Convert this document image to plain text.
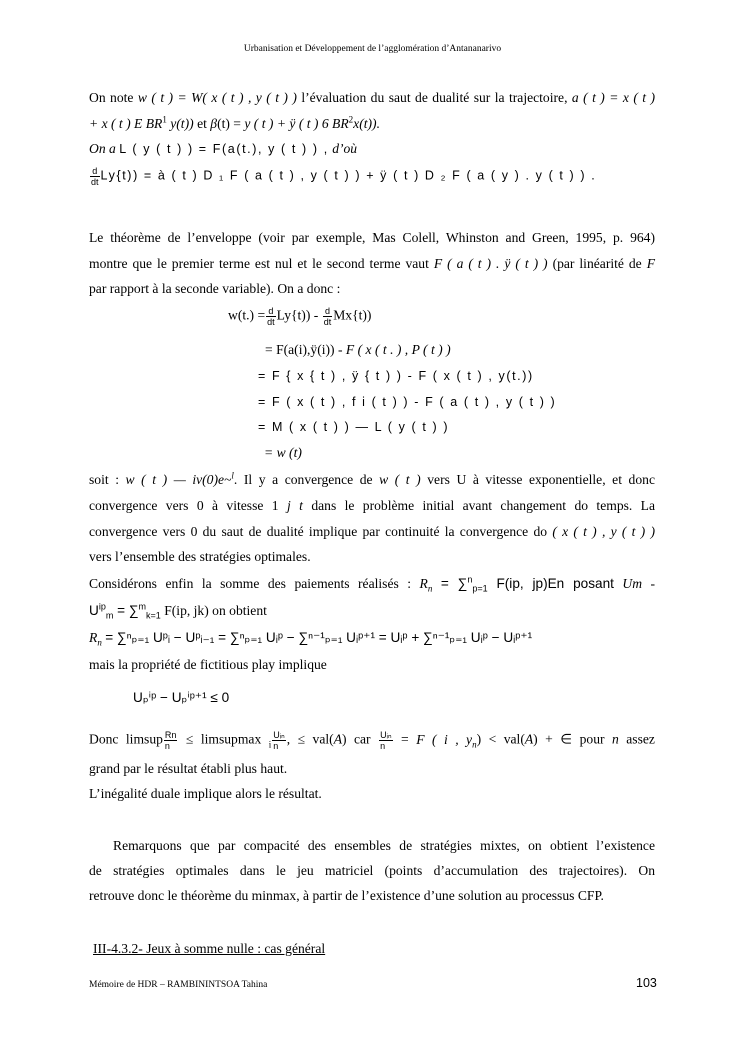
Urbanisation et Développement de l’agglomération d’Antananarivo
On note w ( t ) = W( x ( t ) , y ( t ) ) l’évaluation du saut de dualité sur la trajectoire, a ( t ) = x ( t )
+ x ( t ) E $BR^1$ y(t)) et β(t) = y ( t ) + ÿ ( t ) 6 $BR^2x(t)$).
On a L ( y ( t ) ) = F(a(t.), y ( t ) ) , d’où
$\frac{d}{dt} Ly\{t)$) = à ( t ) D ₁ F ( a ( t ) , y ( t ) ) + ÿ ( t ) D ₂ F ( a ( y ) . y ( t ) ) .
Le théorème de l’enveloppe (voir par exemple, Mas Colell, Whinston and Green, 1995, p. 964)
montre que le premier terme est nul et le second terme vaut F ( a ( t ) . ÿ ( t ) ) (par linéarité de F
par rapport à la seconde variable). On a donc :
$w(t.) = \frac{d}{dt} Ly\{t)) - \frac{d}{dt} Mx\{t)$)
= F(a(i),ÿ(i)) - F ( x ( t . ) , P ( t ) )
= F { x { t ) , ÿ { t ) ) - F ( x ( t ) , y(t.))
= F ( x ( t ) , f i ( t ) ) - F ( a ( t ) , y ( t ) )
= M ( x ( t ) ) — L ( y ( t ) )
= w (t)
soit : w ( t ) — iv(0)e~$^l$. Il y a convergence de w ( t ) vers U à vitesse exponentielle, et donc
convergence vers 0 à vitesse 1 j t dans le problème initial avant changement do temps. La
convergence vers 0 du saut de dualité implique par continuité la convergence do ( x ( t ) , y ( t ) )
vers l’ensemble des stratégies optimales.
Considérons enfin la somme des paiements réalisés : $R_n = \sum^n_{p=1}$ F(ip, jp)En posant Um -
$U^{ip}_m = \sum^m_{k=1}$ F(ip, jk) on obtient
$R_n = \sum^n_{p=1}$ Uᵖᵢ − Uᵖᵢ₋₁ = ∑ⁿₚ₌₁ Uᵢᵖ − ∑ⁿ⁻¹ₚ₌₁ Uᵢᵖ⁺¹ = Uᵢᵖ + ∑ⁿ⁻¹ₚ₌₁ Uᵢᵖ − Uᵢᵖ⁺¹
mais la propriété de fictitious play implique
Uₚⁱᵖ − Uₚⁱᵖ⁺¹ ≤ 0
Donc limsup $\frac{Rn}{n}$ ≤ limsupmax $_i \frac{\text{Uᵢₙ}}{n}$ , ≤ val(A) car $\frac{\text{Uᵢₙ}}{n} = F$ ( i , $y_n) < val(A)$ + ∈ pour n assez
grand par le résultat établi plus haut.
L’inégalité duale implique alors le résultat.
Remarquons que par compacité des ensembles de stratégies mixtes, on obtient l’existence
de stratégies optimales dans le jeu matriciel (points d’accumulation des trajectoires). On
retrouve donc le théorème du minmax, à partir de l’existence d’une solution au processus CFP.
III-4.3.2- Jeux à somme nulle : cas général
Mémoire de HDR – RAMBININTSOA Tahina	103
